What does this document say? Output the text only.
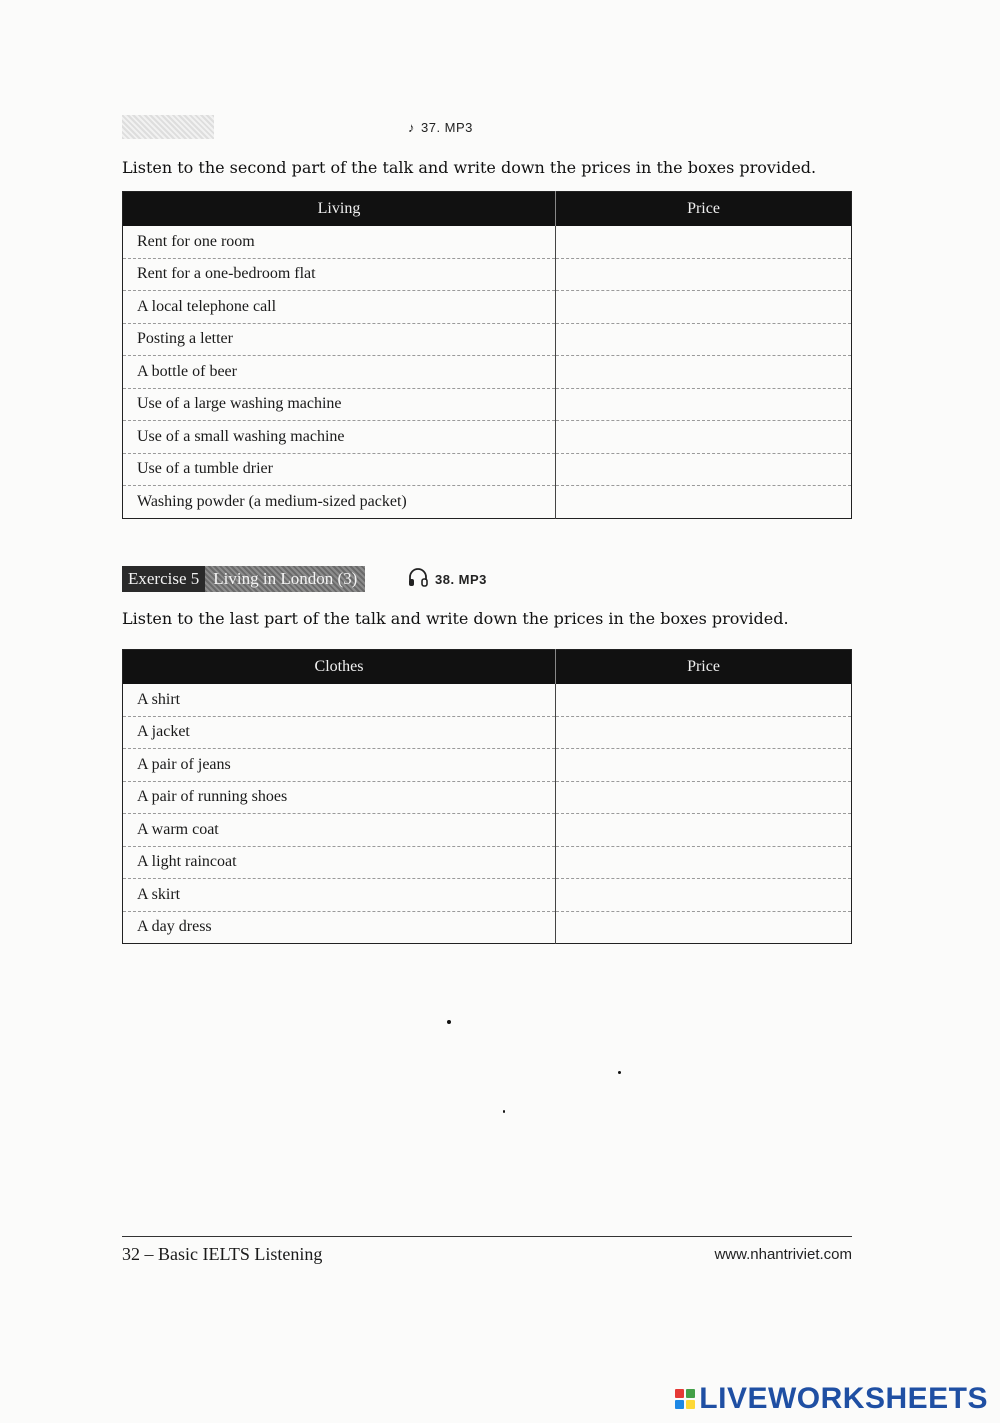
♪ 37. MP3
Listen to the second part of the talk and write down the prices in the boxes provided.
Living	Price
Rent for one room	
Rent for a one-bedroom flat	
A local telephone call	
Posting a letter	
A bottle of beer	
Use of a large washing machine	
Use of a small washing machine	
Use of a tumble drier	
Washing powder (a medium-sized packet)	
Exercise 5 Living in London (3)	38. MP3
Listen to the last part of the talk and write down the prices in the boxes provided.
Clothes	Price
A shirt	
A jacket	
A pair of jeans	
A pair of running shoes	
A warm coat	
A light raincoat	
A skirt	
A day dress	
32 – Basic IELTS Listening	www.nhantriviet.com
LIVEWORKSHEETS
